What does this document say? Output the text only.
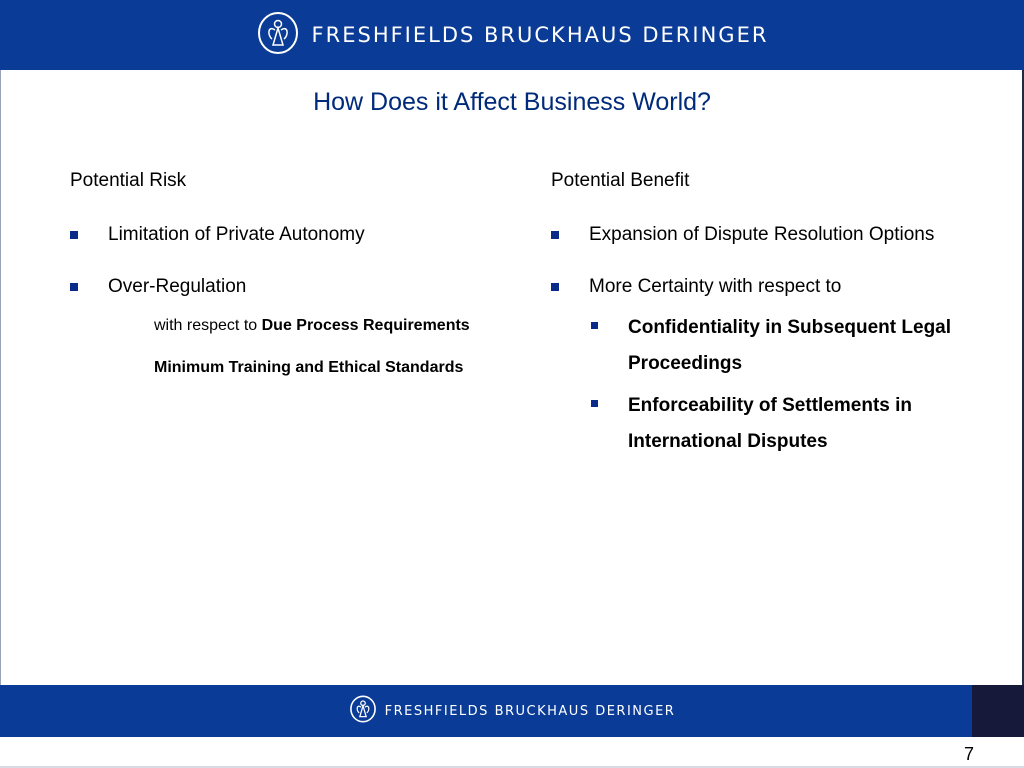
FRESHFIELDS BRUCKHAUS DERINGER
How Does it Affect Business World?
Potential Risk
Limitation of Private Autonomy
Over-Regulation
with respect to Due Process Requirements
Minimum Training and Ethical Standards
Potential Benefit
Expansion of Dispute Resolution Options
More Certainty with respect to
Confidentiality in Subsequent Legal Proceedings
Enforceability of Settlements in International Disputes
FRESHFIELDS BRUCKHAUS DERINGER
7
